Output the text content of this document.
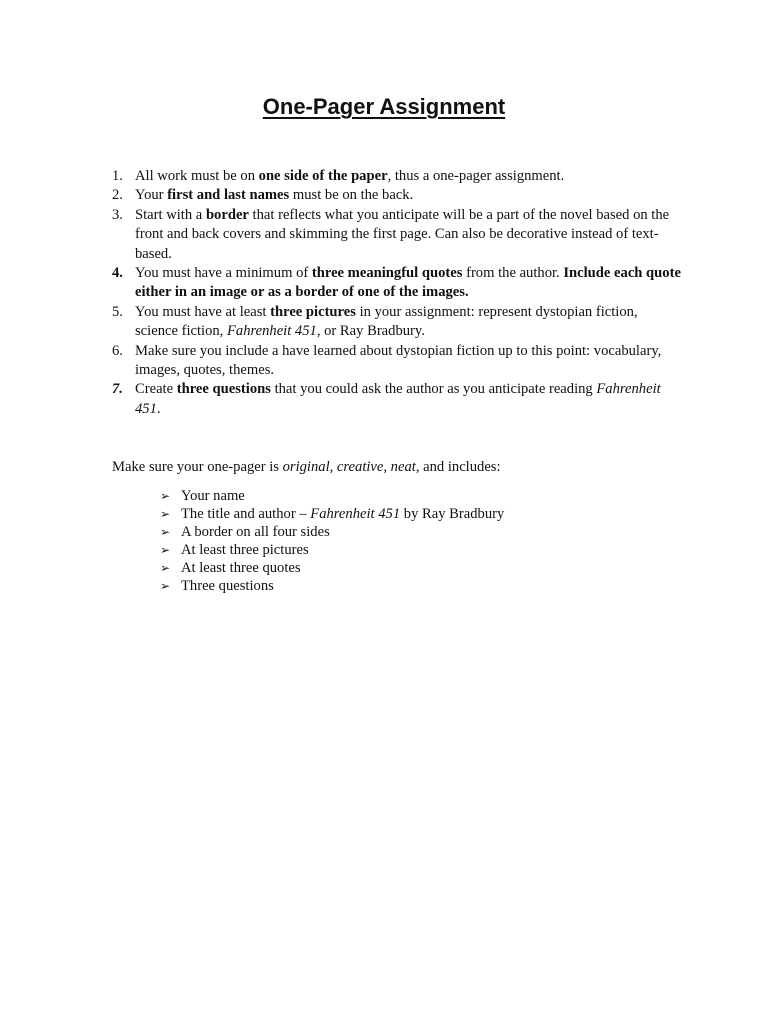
One-Pager Assignment
1. All work must be on one side of the paper, thus a one-pager assignment.
2. Your first and last names must be on the back.
3. Start with a border that reflects what you anticipate will be a part of the novel based on the front and back covers and skimming the first page. Can also be decorative instead of text-based.
4. You must have a minimum of three meaningful quotes from the author. Include each quote either in an image or as a border of one of the images.
5. You must have at least three pictures in your assignment: represent dystopian fiction, science fiction, Fahrenheit 451, or Ray Bradbury.
6. Make sure you include a have learned about dystopian fiction up to this point: vocabulary, images, quotes, themes.
7. Create three questions that you could ask the author as you anticipate reading Fahrenheit 451.

Make sure your one-pager is original, creative, neat, and includes:

➢ Your name
➢ The title and author – Fahrenheit 451 by Ray Bradbury
➢ A border on all four sides
➢ At least three pictures
➢ At least three quotes
➢ Three questions
